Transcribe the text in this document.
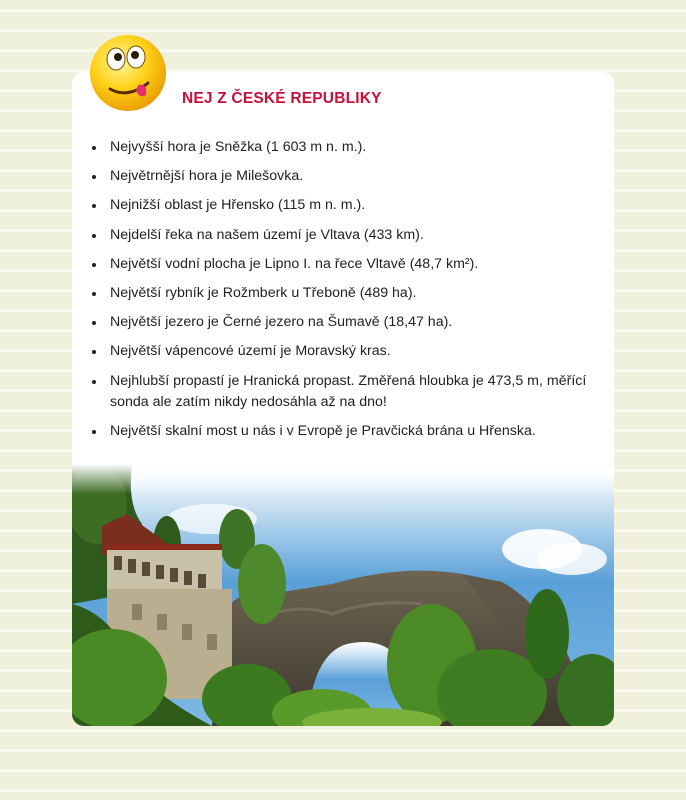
NEJ Z ČESKÉ REPUBLIKY
Nejvyšší hora je Sněžka (1 603 m n. m.).
Největrnější hora je Milešovka.
Nejnižší oblast je Hřensko (115 m n. m.).
Nejdelší řeka na našem území je Vltava (433 km).
Největší vodní plocha je Lipno I. na řece Vltavě (48,7 km²).
Největší rybník je Rožmberk u Třeboně (489 ha).
Největší jezero je Černé jezero na Šumavě (18,47 ha).
Největší vápencové území je Moravský kras.
Nejhlubší propastí je Hranická propast. Změřená hloubka je 473,5 m, měřící sonda ale zatím nikdy nedosáhla až na dno!
Největší skalní most u nás i v Evropě je Pravčická brána u Hřenska.
